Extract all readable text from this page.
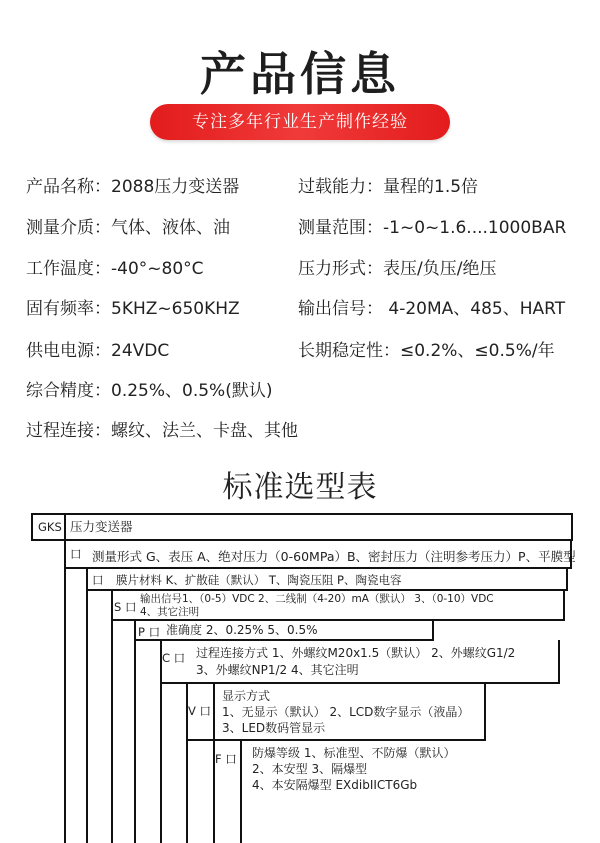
产品信息
专注多年行业生产制作经验
产品名称：2088压力变送器	过载能力：量程的1.5倍
测量介质：气体、液体、油	测量范围：-1~0~1.6....1000BAR
工作温度：-40°~80°C	压力形式：表压/负压/绝压
固有频率：5KHZ~650KHZ	输出信号： 4-20MA、485、HART
供电电源：24VDC	长期稳定性：≤0.2%、≤0.5%/年
综合精度：0.25%、0.5%(默认)
过程连接：螺纹、法兰、卡盘、其他
标准选型表
GKS 压力变送器
口 测量形式 G、表压 A、绝对压力（0-60MPa）B、密封压力（注明参考压力）P、平膜型
口 膜片材料 K、扩散硅（默认） T、陶瓷压阻 P、陶瓷电容
S 口
输出信号1、（0-5）VDC 2、二线制（4-20）mA（默认） 3、（0-10）VDC
4、其它注明
P 口 准确度 2、0.25% 5、0.5%
C 口 过程连接方式 1、外螺纹M20x1.5（默认） 2、外螺纹G1/2
3、外螺纹NP1/2 4、其它注明
V 口
显示方式
1、无显示（默认） 2、LCD数字显示（液晶）
3、LED数码管显示
F 口 防爆等级 1、标准型、不防爆（默认）
2、本安型 3、隔爆型
4、本安隔爆型 EXdibIICT6Gb
